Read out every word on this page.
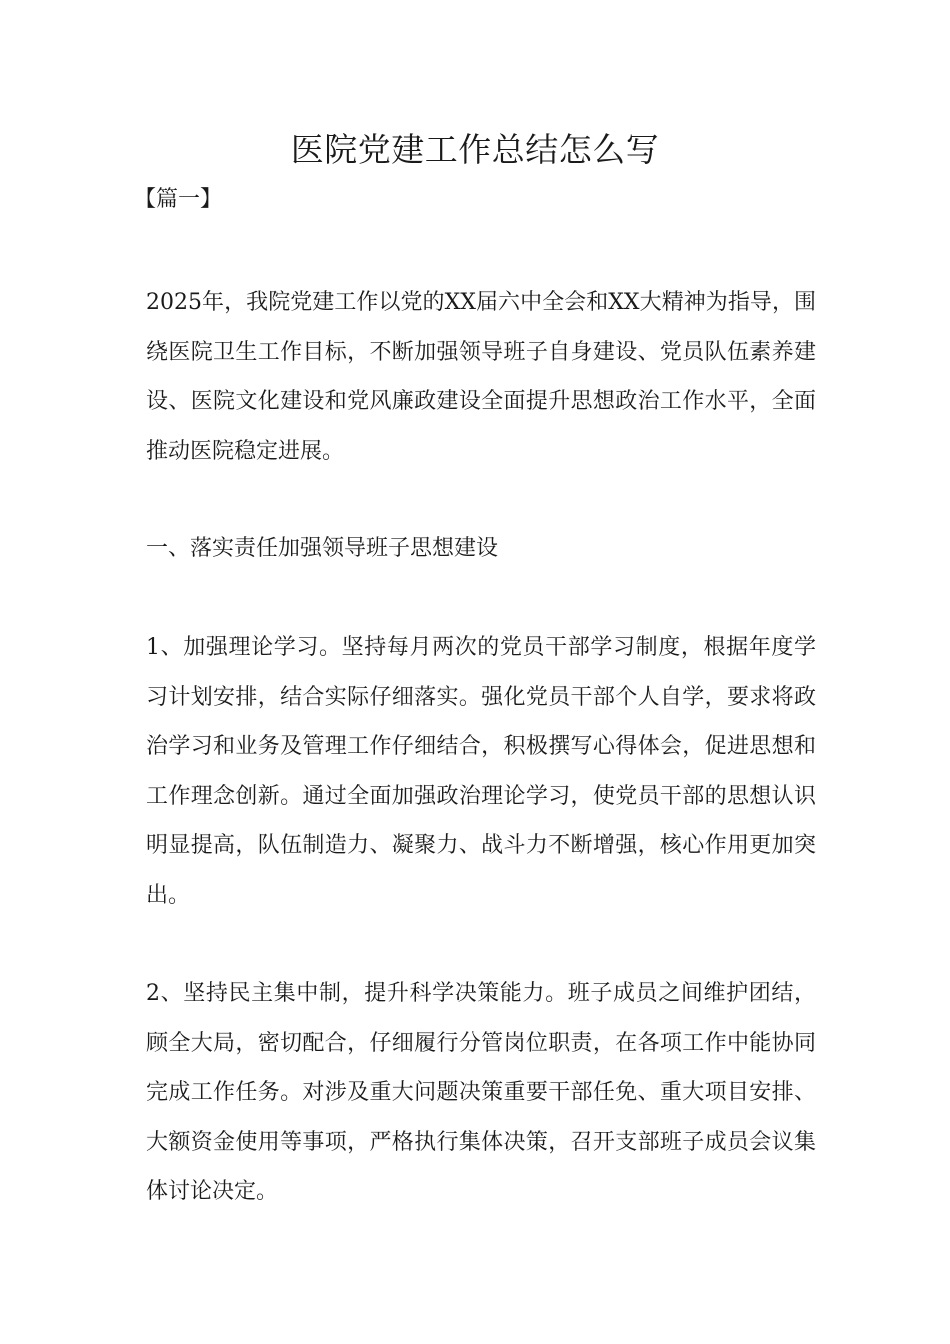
医院党建工作总结怎么写

【篇一】

2025年，我院党建工作以党的XX届六中全会和XX大精神为指导，围绕医院卫生工作目标，不断加强领导班子自身建设、党员队伍素养建设、医院文化建设和党风廉政建设全面提升思想政治工作水平，全面推动医院稳定进展。

一、落实责任加强领导班子思想建设

1、加强理论学习。坚持每月两次的党员干部学习制度，根据年度学习计划安排，结合实际仔细落实。强化党员干部个人自学，要求将政治学习和业务及管理工作仔细结合，积极撰写心得体会，促进思想和工作理念创新。通过全面加强政治理论学习，使党员干部的思想认识明显提高，队伍制造力、凝聚力、战斗力不断增强，核心作用更加突出。

2、坚持民主集中制，提升科学决策能力。班子成员之间维护团结，顾全大局，密切配合，仔细履行分管岗位职责，在各项工作中能协同完成工作任务。对涉及重大问题决策重要干部任免、重大项目安排、大额资金使用等事项，严格执行集体决策，召开支部班子成员会议集体讨论决定。
